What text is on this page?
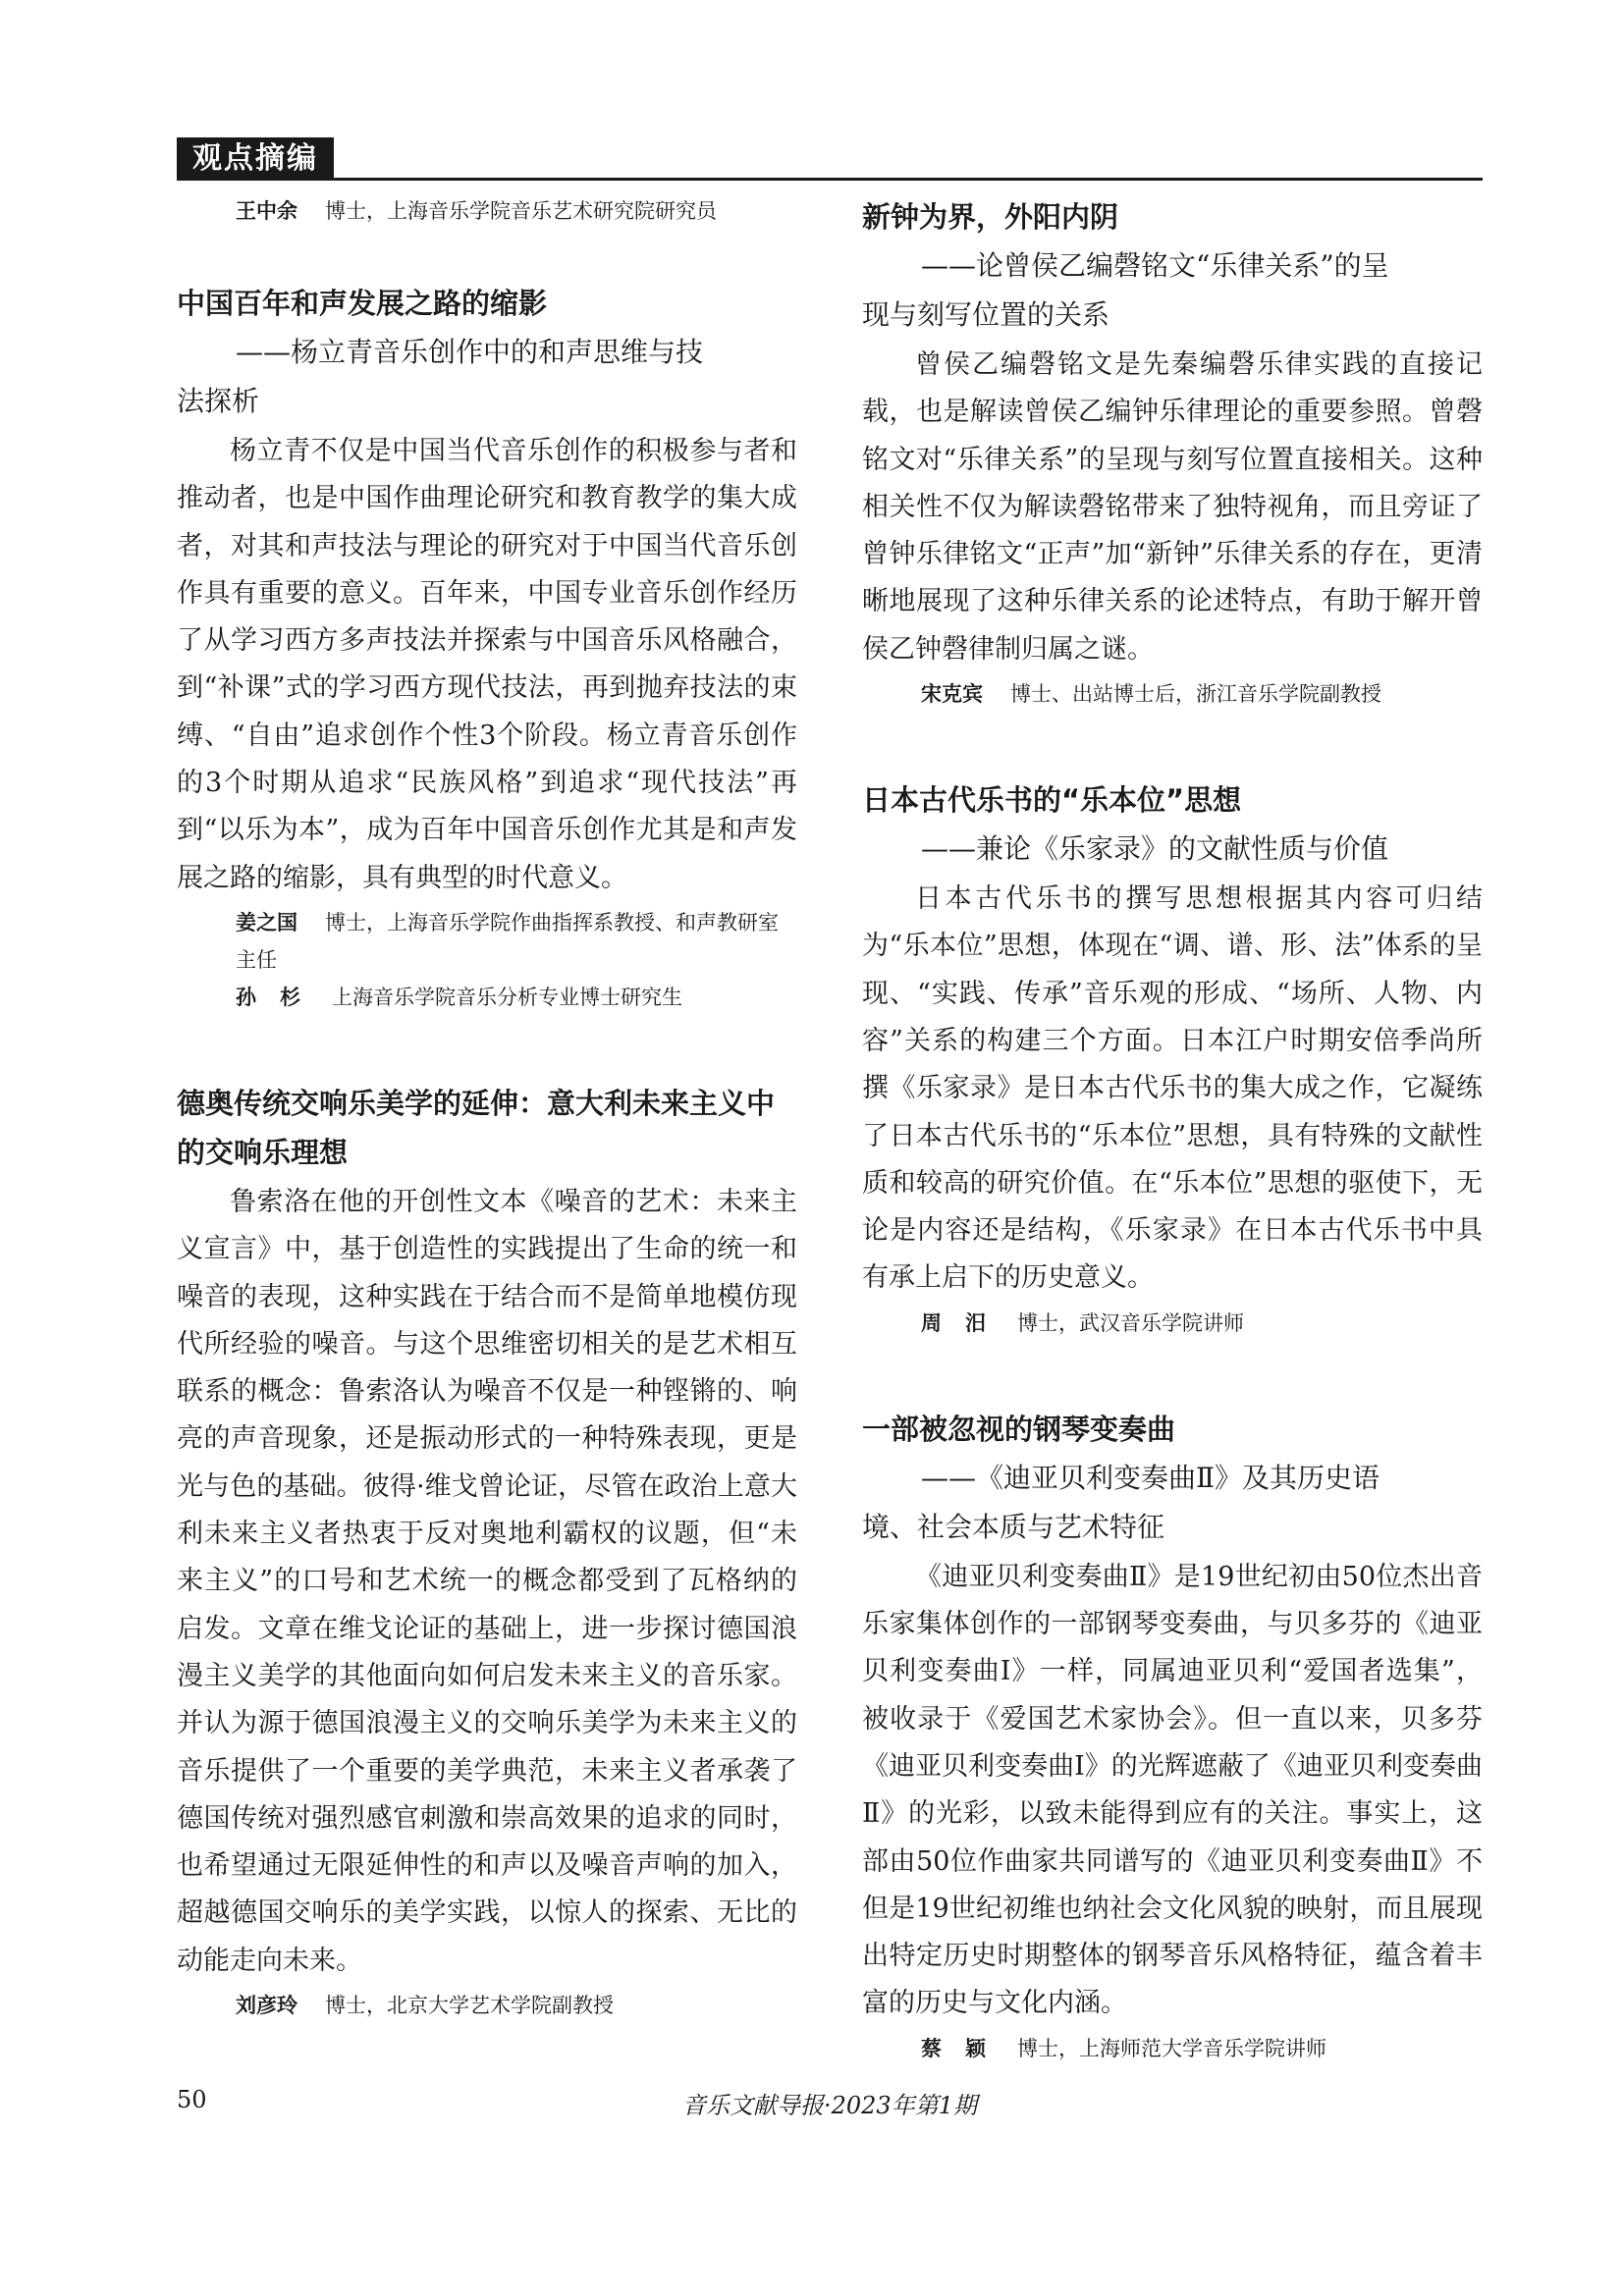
观点摘编

王中余 博士，上海音乐学院音乐艺术研究院研究员

中国百年和声发展之路的缩影

——杨立青音乐创作中的和声思维与技

法探析

杨立青不仅是中国当代音乐创作的积极参与者和推动者，也是中国作曲理论研究和教育教学的集大成者，对其和声技法与理论的研究对于中国当代音乐创作具有重要的意义。百年来，中国专业音乐创作经历了从学习西方多声技法并探索与中国音乐风格融合，到“补课”式的学习西方现代技法，再到抛弃技法的束缚、“自由”追求创作个性3个阶段。杨立青音乐创作的3个时期从追求“民族风格”到追求“现代技法”再到“以乐为本”，成为百年中国音乐创作尤其是和声发展之路的缩影，具有典型的时代意义。

姜之国 博士，上海音乐学院作曲指挥系教授、和声教研室主任

孙杉 上海音乐学院音乐分析专业博士研究生

德奥传统交响乐美学的延伸：意大利未来主义中的交响乐理想

鲁索洛在他的开创性文本《噪音的艺术：未来主义宣言》中，基于创造性的实践提出了生命的统一和噪音的表现，这种实践在于结合而不是简单地模仿现代所经验的噪音。与这个思维密切相关的是艺术相互联系的概念：鲁索洛认为噪音不仅是一种铿锵的、响亮的声音现象，还是振动形式的一种特殊表现，更是光与色的基础。彼得·维戈曾论证，尽管在政治上意大利未来主义者热衷于反对奥地利霸权的议题，但“未来主义”的口号和艺术统一的概念都受到了瓦格纳的启发。文章在维戈论证的基础上，进一步探讨德国浪漫主义美学的其他面向如何启发未来主义的音乐家。并认为源于德国浪漫主义的交响乐美学为未来主义的音乐提供了一个重要的美学典范，未来主义者承袭了德国传统对强烈感官刺激和崇高效果的追求的同时，也希望通过无限延伸性的和声以及噪音声响的加入，超越德国交响乐的美学实践，以惊人的探索、无比的动能走向未来。

刘彦玲 博士，北京大学艺术学院副教授

新钟为界，外阳内阴

——论曾侯乙编磬铭文“乐律关系”的呈

现与刻写位置的关系

曾侯乙编磬铭文是先秦编磬乐律实践的直接记载，也是解读曾侯乙编钟乐律理论的重要参照。曾磬铭文对“乐律关系”的呈现与刻写位置直接相关。这种相关性不仅为解读磬铭带来了独特视角，而且旁证了曾钟乐律铭文“正声”加“新钟”乐律关系的存在，更清晰地展现了这种乐律关系的论述特点，有助于解开曾侯乙钟磬律制归属之谜。

宋克宾 博士、出站博士后，浙江音乐学院副教授

日本古代乐书的“乐本位”思想

——兼论《乐家录》的文献性质与价值

日本古代乐书的撰写思想根据其内容可归结为“乐本位”思想，体现在“调、谱、形、法”体系的呈现、“实践、传承”音乐观的形成、“场所、人物、内容”关系的构建三个方面。日本江户时期安倍季尚所撰《乐家录》是日本古代乐书的集大成之作，它凝练了日本古代乐书的“乐本位”思想，具有特殊的文献性质和较高的研究价值。在“乐本位”思想的驱使下，无论是内容还是结构，《乐家录》在日本古代乐书中具有承上启下的历史意义。

周汨 博士，武汉音乐学院讲师

一部被忽视的钢琴变奏曲

——《迪亚贝利变奏曲Ⅱ》及其历史语

境、社会本质与艺术特征

《迪亚贝利变奏曲Ⅱ》是19世纪初由50位杰出音乐家集体创作的一部钢琴变奏曲，与贝多芬的《迪亚贝利变奏曲Ⅰ》一样，同属迪亚贝利“爱国者选集”，被收录于《爱国艺术家协会》。但一直以来，贝多芬《迪亚贝利变奏曲Ⅰ》的光辉遮蔽了《迪亚贝利变奏曲Ⅱ》的光彩，以致未能得到应有的关注。事实上，这部由50位作曲家共同谱写的《迪亚贝利变奏曲Ⅱ》不但是19世纪初维也纳社会文化风貌的映射，而且展现出特定历史时期整体的钢琴音乐风格特征，蕴含着丰富的历史与文化内涵。

蔡颖 博士，上海师范大学音乐学院讲师

50	音乐文献导报·2023年第1期
